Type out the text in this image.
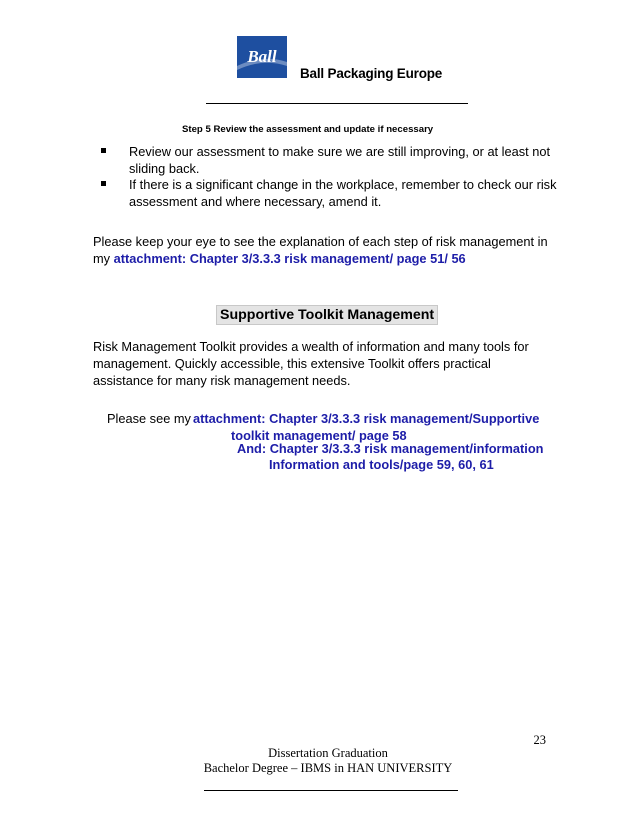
Ball
Ball Packaging Europe
Step 5 Review the assessment and update if necessary
Review our assessment to make sure we are still improving, or at least not sliding back.
If there is a significant change in the workplace, remember to check our risk assessment and where necessary, amend it.
Please keep your eye to see the explanation of each step of risk management in my attachment: Chapter 3/3.3.3 risk management/ page 51/ 56
Supportive Toolkit Management
Risk Management Toolkit provides a wealth of information and many tools for management. Quickly accessible, this extensive Toolkit offers practical assistance for many risk management needs.
Please see my attachment: Chapter 3/3.3.3 risk management/Supportive
toolkit management/ page 58
And: Chapter 3/3.3.3 risk management/information
Information and tools/page 59, 60, 61
23
Dissertation Graduation
Bachelor Degree – IBMS in HAN UNIVERSITY
